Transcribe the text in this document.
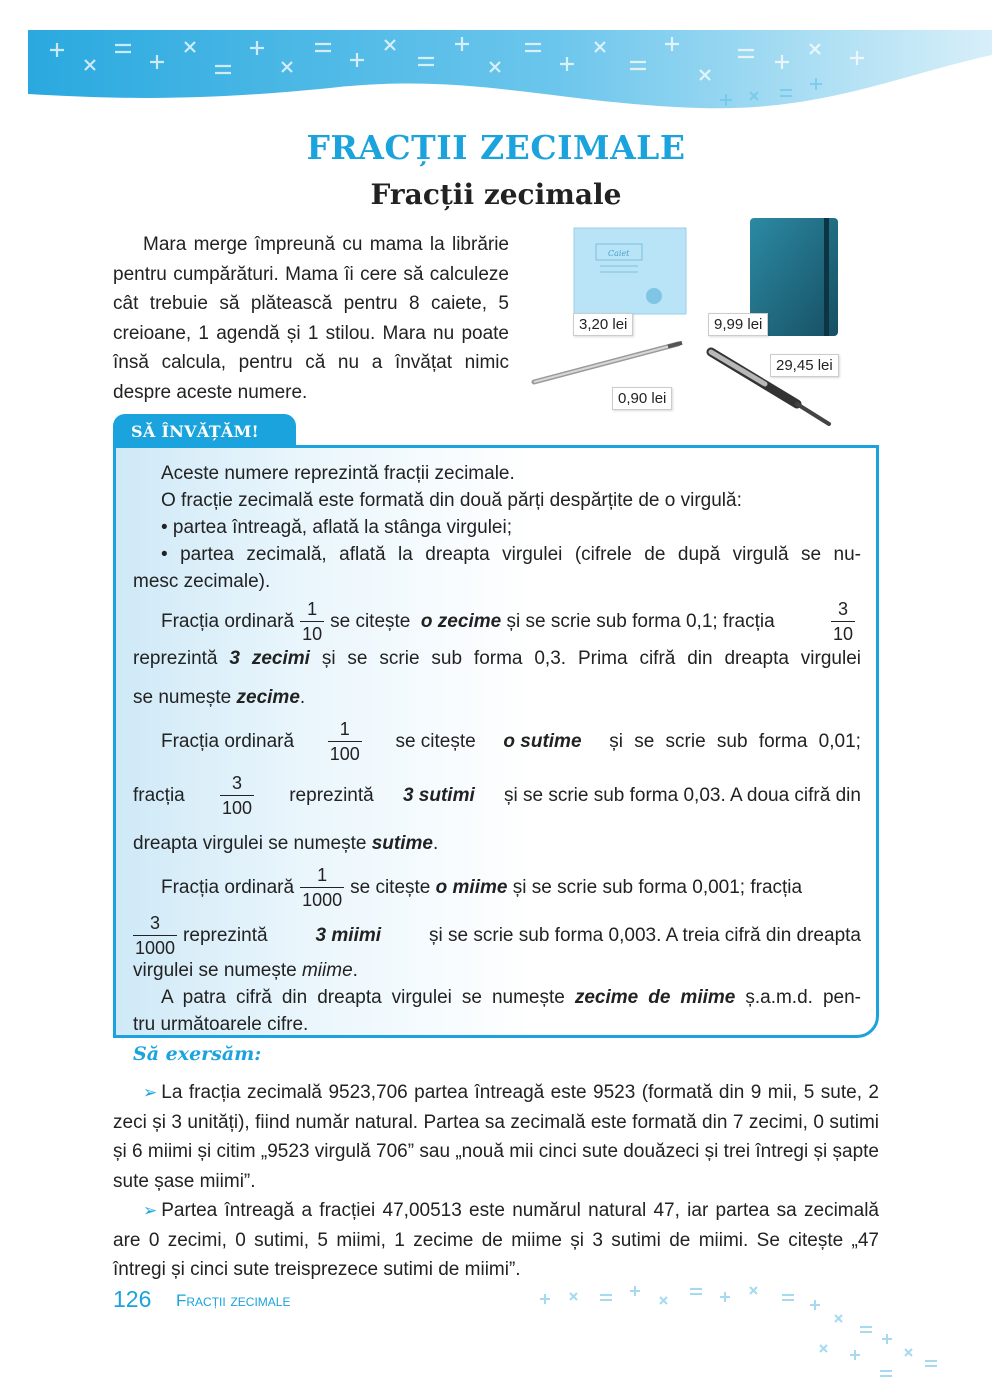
FRACȚII ZECIMALE
Fracții zecimale
Mara merge împreună cu mama la librărie pentru cumpărături. Mama îi cere să calculeze cât trebuie să plătească pentru 8 caiete, 5 creioane, 1 agendă și 1 stilou. Mara nu poate însă calcula, pentru că nu a învățat nimic despre aceste numere.
Caiet
3,20 lei	9,99 lei
0,90 lei
29,45 lei
SĂ ÎNVĂȚĂM!
Aceste numere reprezintă fracții zecimale.
O fracție zecimală este formată din două părți despărțite de o virgulă:
• partea întreagă, aflată la stânga virgulei;
• partea zecimală, aflată la dreapta virgulei (cifrele de după virgulă se nu-
mesc zecimale).
Fracția ordinară $\frac{1}{10}$ se citește
o zecime
și se scrie sub forma 0,1; fracția	$\frac{3}{10}$
reprezintă 3 zecimi și se scrie sub forma 0,3. Prima cifră din dreapta virgulei
se numește zecime.
Fracția ordinară $\frac{1}{100}$ se citește o sutime și se scrie sub forma 0,01;
fracția $\frac{3}{100}$ reprezintă 3 sutimi și se scrie sub forma 0,03. A doua cifră din
dreapta virgulei se numește sutime.
Fracția ordinară $\frac{1}{1000}$ se citește
o miime
și se scrie sub forma 0,001; fracția
$\frac{3}{1000}$ reprezintă	3 miimi	și se scrie sub forma 0,003. A treia cifră din dreapta
virgulei se numește miime.
A patra cifră din dreapta virgulei se numește zecime de miime ș.a.m.d. pen-
tru următoarele cifre.
Să exersăm:

➢ La fracția zecimală 9523,706 partea întreagă este 9523 (formată din 9 mii, 5 sute, 2 zeci și 3 unități), fiind număr natural. Partea sa zecimală este formată din 7 zecimi, 0 sutimi și 6 miimi și citim „9523 virgulă 706” sau „nouă mii cinci sute douăzeci și trei întregi și șapte sute șase miimi”.

➢ Partea întreagă a fracției 47,00513 este numărul natural 47, iar partea sa zecimală are 0 zecimi, 0 sutimi, 5 miimi, 1 zecime de miime și 3 sutimi de miimi. Se citește „47 întregi și cinci sute treisprezece sutimi de miimi”.

126 Fracții zecimale
